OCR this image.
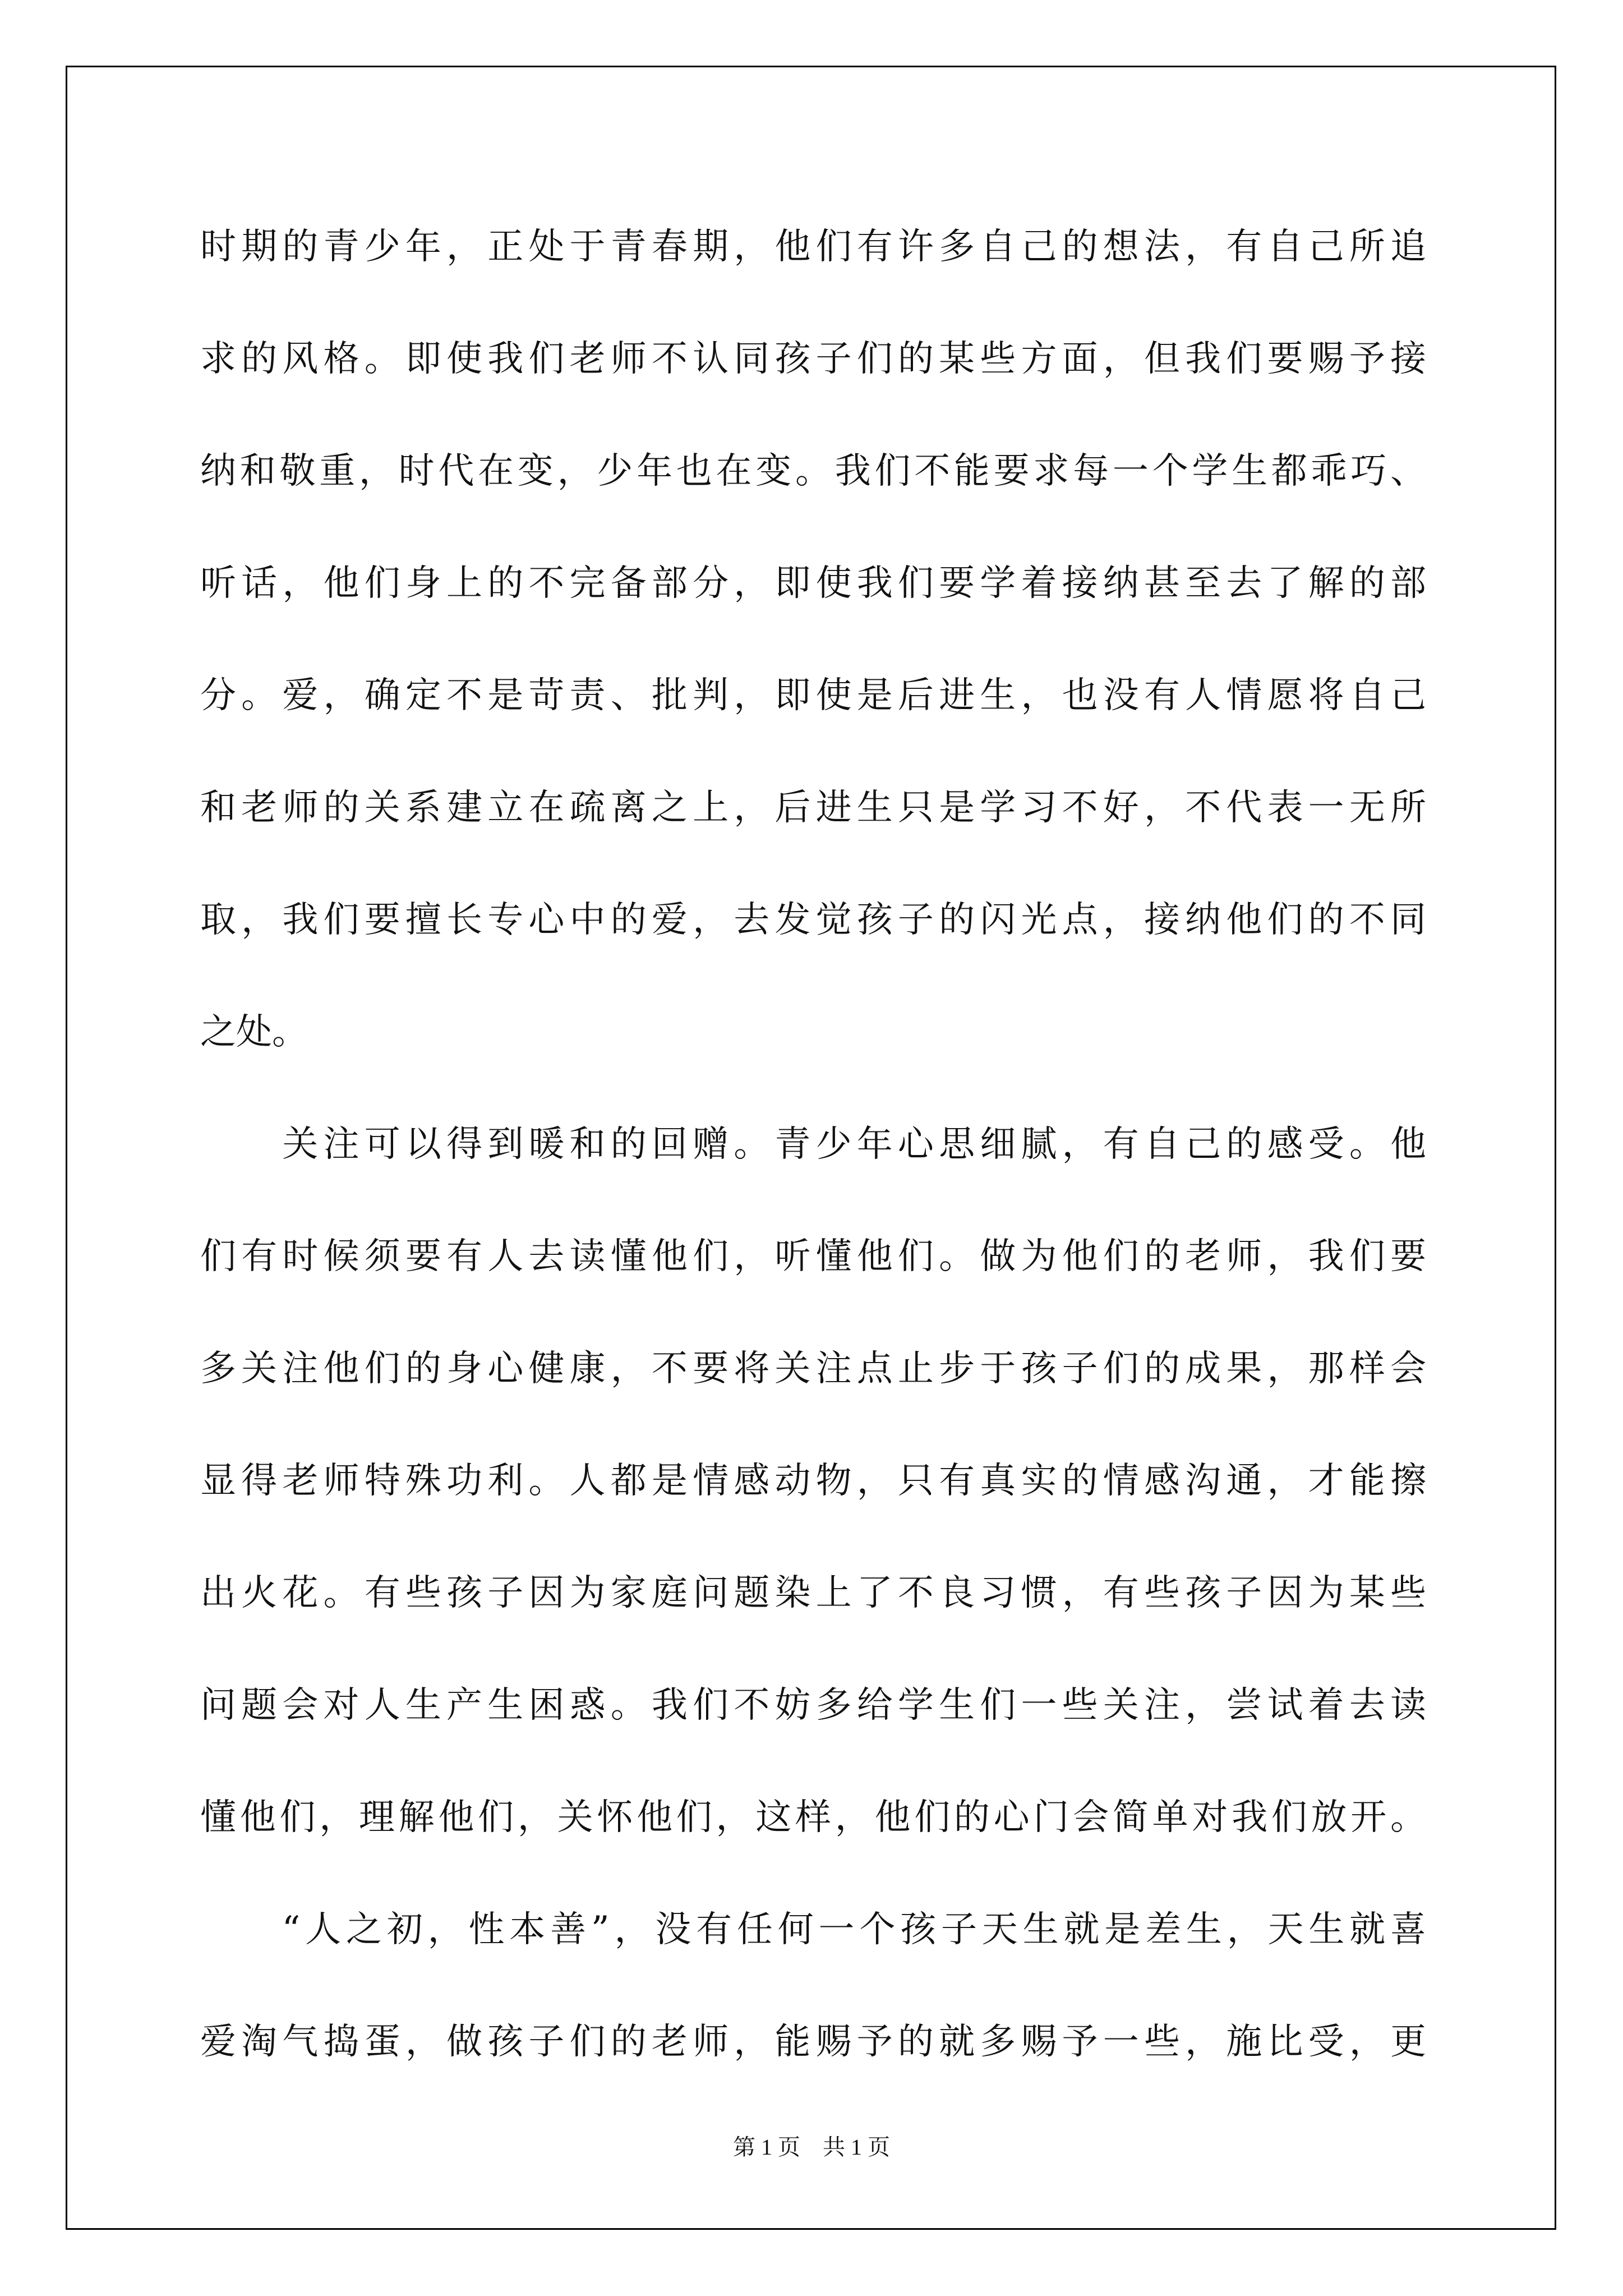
时期的青少年，正处于青春期，他们有许多自己的想法，有自己所追

求的风格。即使我们老师不认同孩子们的某些方面，但我们要赐予接

纳和敬重，时代在变，少年也在变。我们不能要求每一个学生都乖巧、

听话，他们身上的不完备部分，即使我们要学着接纳甚至去了解的部

分。爱，确定不是苛责、批判，即使是后进生，也没有人情愿将自己

和老师的关系建立在疏离之上，后进生只是学习不好，不代表一无所

取，我们要擅长专心中的爱，去发觉孩子的闪光点，接纳他们的不同

之处。

　　关注可以得到暖和的回赠。青少年心思细腻，有自己的感受。他

们有时候须要有人去读懂他们，听懂他们。做为他们的老师，我们要

多关注他们的身心健康，不要将关注点止步于孩子们的成果，那样会

显得老师特殊功利。人都是情感动物，只有真实的情感沟通，才能擦

出火花。有些孩子因为家庭问题染上了不良习惯，有些孩子因为某些

问题会对人生产生困惑。我们不妨多给学生们一些关注，尝试着去读

懂他们，理解他们，关怀他们，这样，他们的心门会简单对我们放开。

　　“人之初，性本善”，没有任何一个孩子天生就是差生，天生就喜

爱淘气捣蛋，做孩子们的老师，能赐予的就多赐予一些，施比受，更

第 1 页　共 1 页
